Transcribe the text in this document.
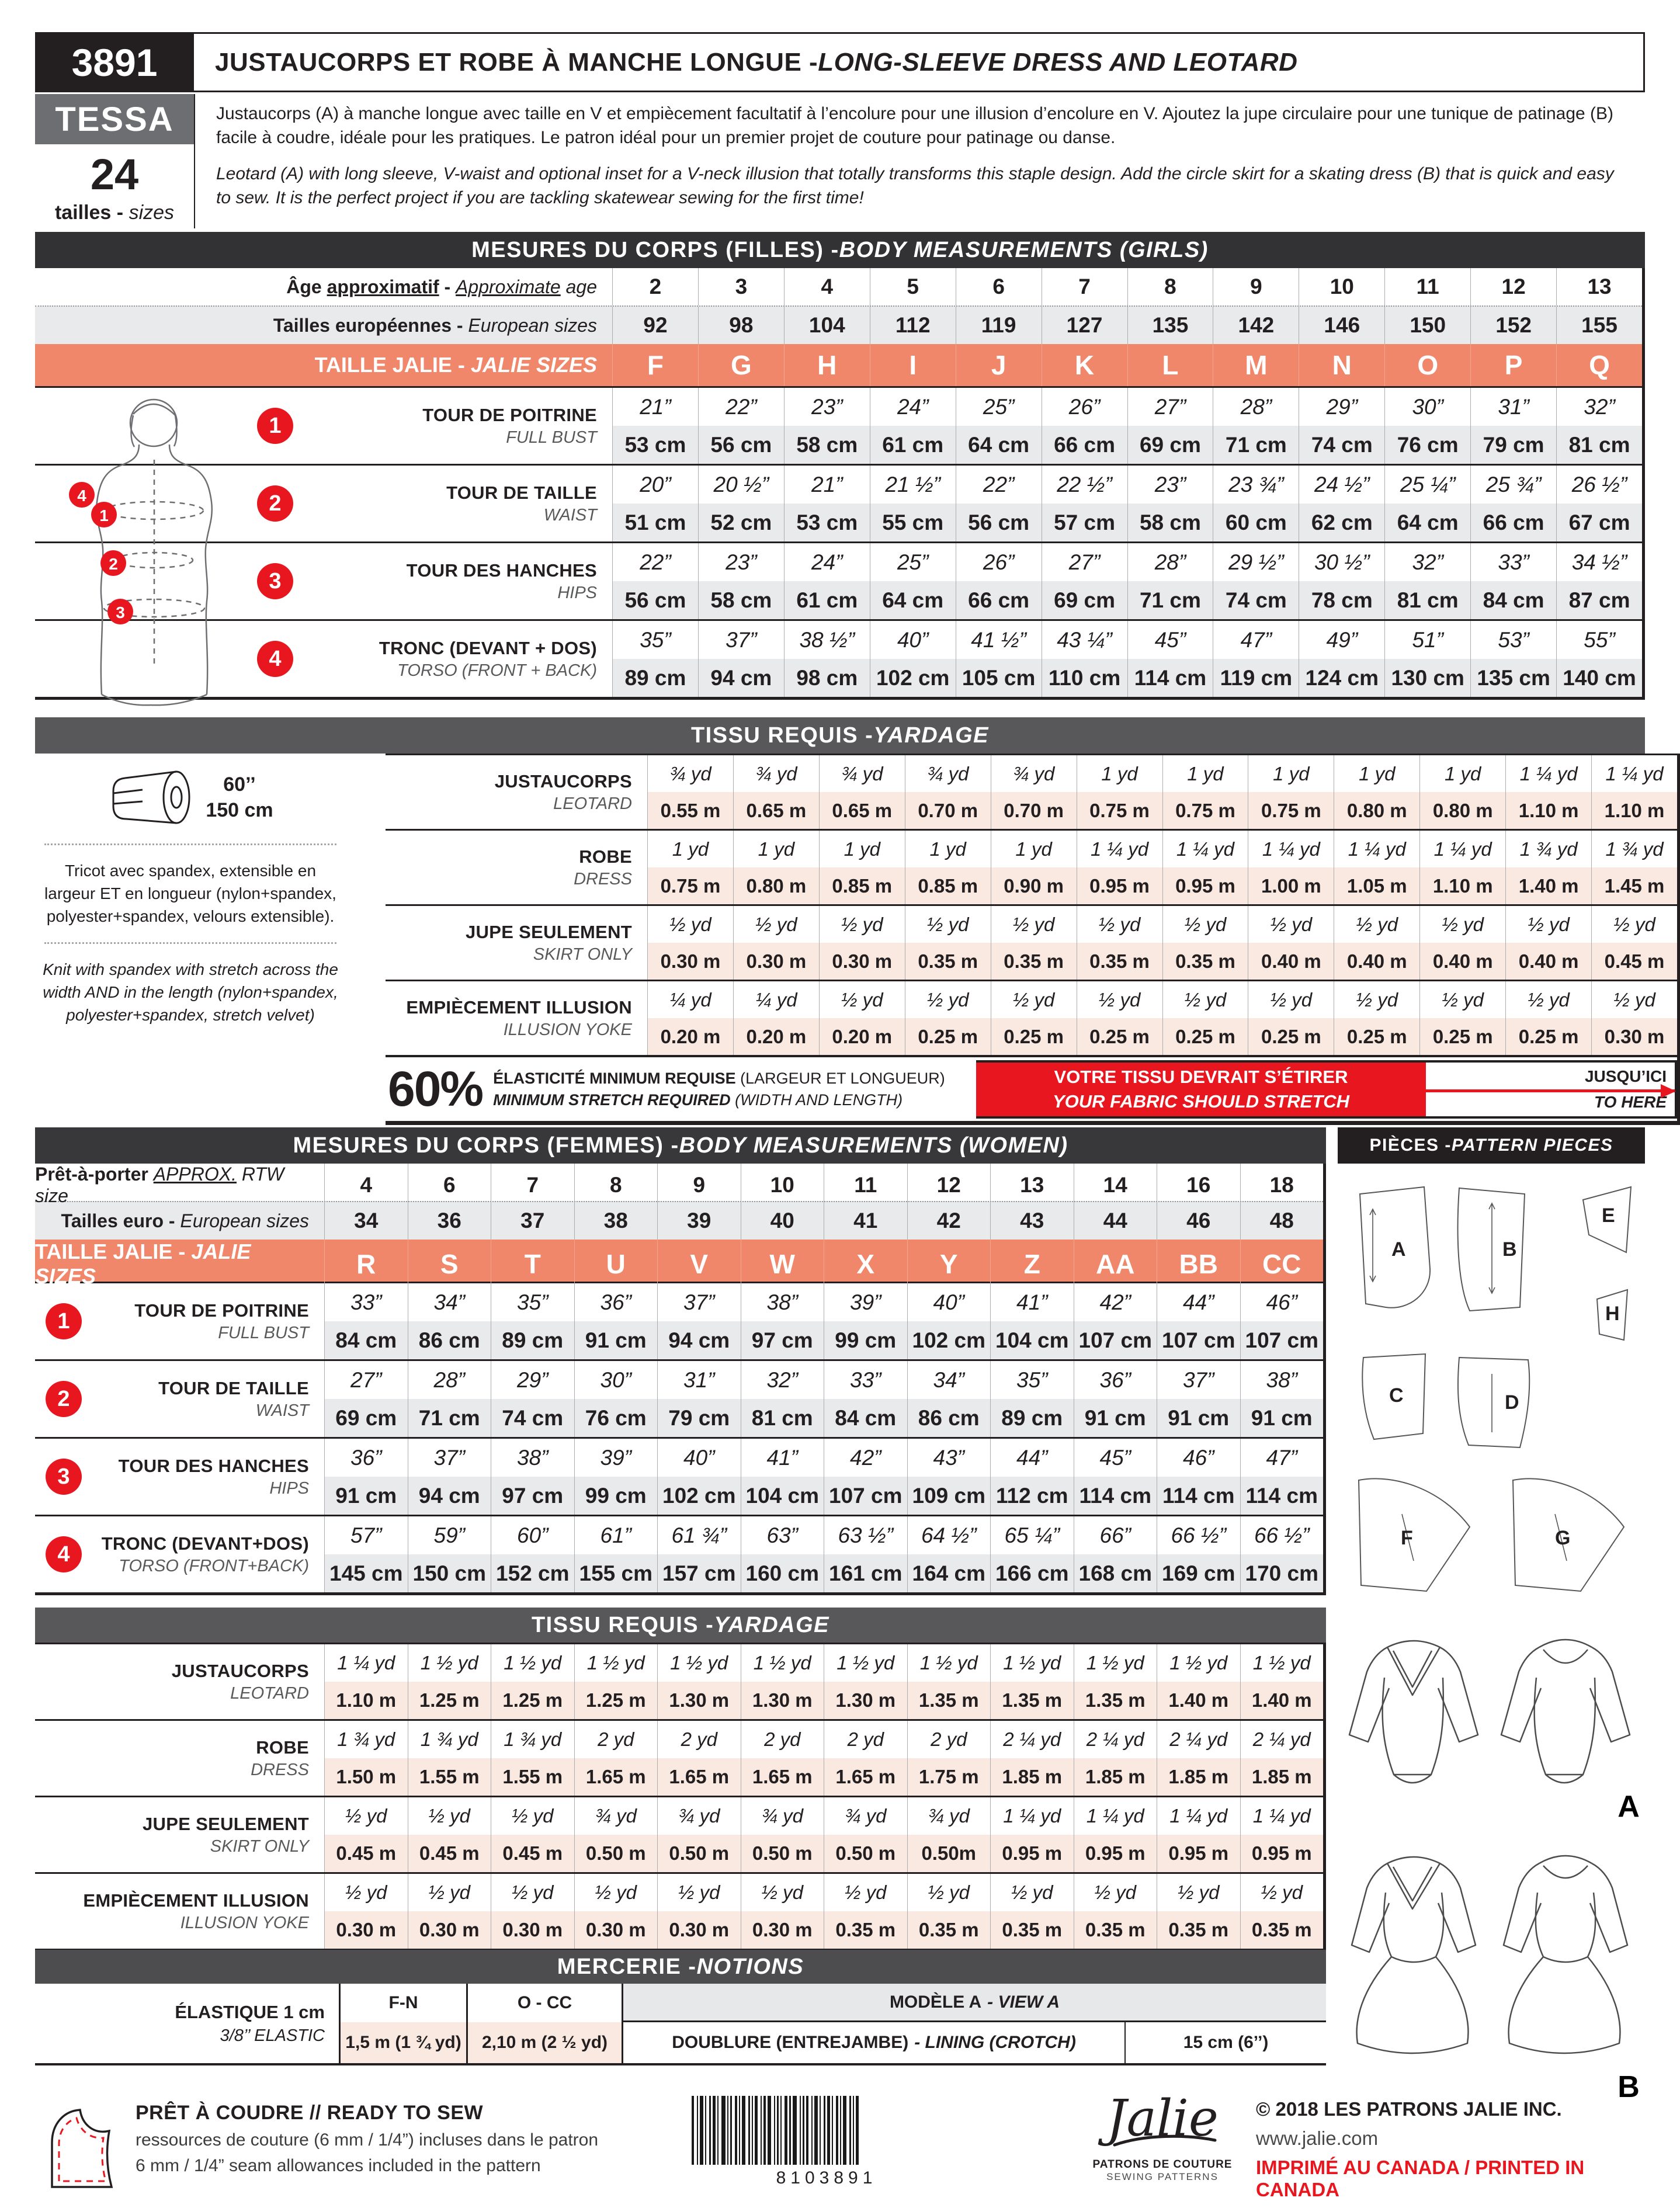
3891
TESSA
24
tailles - sizes
JUSTAUCORPS ET ROBE À MANCHE LONGUE - LONG-SLEEVE DRESS AND LEOTARD
Justaucorps (A) à manche longue avec taille en V et empiècement facultatif à l’encolure pour une illusion d’encolure en V. Ajoutez la jupe circulaire pour une tunique de patinage (B) facile à coudre, idéale pour les pratiques. Le patron idéal pour un premier projet de couture pour patinage ou danse.
Leotard (A) with long sleeve, V-waist and optional inset for a V-neck illusion that totally transforms this staple design. Add the circle skirt for a skating dress (B) that is quick and easy to sew. It is the perfect project if you are tackling skatewear sewing for the first time!
MESURES DU CORPS (FILLES) - BODY MEASUREMENTS (GIRLS)
Âge approximatif - Approximate age	2	3	4	5	6	7	8	9	10	11	12	13
Tailles européennes - European sizes	92	98	104	112	119	127	135	142	146	150	152	155
TAILLE JALIE - JALIE SIZES	F	G	H	I	J	K	L	M	N	O	P	Q
1	TOUR DE POITRINE
FULL BUST
21”	22”	23”	24”	25”	26”	27”	28”	29”	30”	31”	32”
53 cm	56 cm	58 cm	61 cm	64 cm	66 cm	69 cm	71 cm	74 cm	76 cm	79 cm	81 cm
2	TOUR DE TAILLE
WAIST
20”	20 ½”	21”	21 ½”	22”	22 ½”	23”	23 ¾”	24 ½”	25 ¼”	25 ¾”	26 ½”
51 cm	52 cm	53 cm	55 cm	56 cm	57 cm	58 cm	60 cm	62 cm	64 cm	66 cm	67 cm
3	TOUR DES HANCHES
HIPS
22”	23”	24”	25”	26”	27”	28”	29 ½”	30 ½”	32”	33”	34 ½”
56 cm	58 cm	61 cm	64 cm	66 cm	69 cm	71 cm	74 cm	78 cm	81 cm	84 cm	87 cm
4	TRONC (DEVANT + DOS)
TORSO (FRONT + BACK)
35”	37”	38 ½”	40”	41 ½”	43 ¼”	45”	47”	49”	51”	53”	55”
89 cm	94 cm	98 cm 102 cm 105 cm 110 cm 114 cm 119 cm 124 cm 130 cm 135 cm 140 cm
4
1
2
3
TISSU REQUIS - YARDAGE
60’’
150 cm
Tricot avec spandex, extensible en largeur ET en longueur (nylon+spandex, polyester+spandex, velours extensible).
Knit with spandex with stretch across the width AND in the length (nylon+spandex, polyester+spandex, stretch velvet)
JUSTAUCORPS
LEOTARD
¾ yd	¾ yd	¾ yd	¾ yd	¾ yd	1 yd	1 yd	1 yd	1 yd	1 yd	1 ¼ yd	1 ¼ yd
0.55 m	0.65 m	0.65 m	0.70 m	0.70 m	0.75 m	0.75 m	0.75 m	0.80 m	0.80 m	1.10 m	1.10 m
ROBE
DRESS
1 yd	1 yd	1 yd	1 yd	1 yd	1 ¼ yd	1 ¼ yd	1 ¼ yd	1 ¼ yd	1 ¼ yd	1 ¾ yd	1 ¾ yd
0.75 m	0.80 m	0.85 m	0.85 m	0.90 m	0.95 m	0.95 m	1.00 m	1.05 m	1.10 m	1.40 m	1.45 m
JUPE SEULEMENT
SKIRT ONLY
½ yd	½ yd	½ yd	½ yd	½ yd	½ yd	½ yd	½ yd	½ yd	½ yd	½ yd	½ yd
0.30 m	0.30 m	0.30 m	0.35 m	0.35 m	0.35 m	0.35 m	0.40 m	0.40 m	0.40 m	0.40 m	0.45 m
EMPIÈCEMENT ILLUSION
ILLUSION YOKE
¼ yd	¼ yd	½ yd	½ yd	½ yd	½ yd	½ yd	½ yd	½ yd	½ yd	½ yd	½ yd
0.20 m	0.20 m	0.20 m	0.25 m	0.25 m	0.25 m	0.25 m	0.25 m	0.25 m	0.25 m	0.25 m	0.30 m
60% ÉLASTICITÉ MINIMUM REQUISE (LARGEUR ET LONGUEUR)
MINIMUM STRETCH REQUIRED (WIDTH AND LENGTH)
VOTRE TISSU DEVRAIT S’ÉTIRER
YOUR FABRIC SHOULD STRETCH
JUSQU’ICI
TO HERE
MESURES DU CORPS (FEMMES) - BODY MEASUREMENTS (WOMEN)
Prêt-à-porter APPROX. RTW size	4	6	7	8	9	10	11	12	13	14	16	18
Tailles euro - European sizes	34	36	37	38	39	40	41	42	43	44	46	48
TAILLE JALIE - JALIE SIZES	R	S	T	U	V	W	X	Y	Z	AA	BB	CC
1	TOUR DE POITRINE
FULL BUST
33”	34”	35”	36”	37”	38”	39”	40”	41”	42”	44”	46”
84 cm	86 cm	89 cm	91 cm	94 cm	97 cm	99 cm 102 cm 104 cm 107 cm 107 cm 107 cm
2	TOUR DE TAILLE
WAIST
27”	28”	29”	30”	31”	32”	33”	34”	35”	36”	37”	38”
69 cm	71 cm	74 cm	76 cm	79 cm	81 cm	84 cm	86 cm	89 cm	91 cm	91 cm	91 cm
3	TOUR DES HANCHES
HIPS
36”	37”	38”	39”	40”	41”	42”	43”	44”	45”	46”	47”
91 cm	94 cm	97 cm	99 cm 102 cm 104 cm 107 cm 109 cm 112 cm 114 cm 114 cm 114 cm
4	TRONC (DEVANT+DOS)
TORSO (FRONT+BACK)
57”	59”	60”	61”	61 ¾”	63”	63 ½”	64 ½”	65 ¼”	66”	66 ½”	66 ½”
145 cm 150 cm 152 cm 155 cm 157 cm 160 cm 161 cm 164 cm 166 cm 168 cm 169 cm 170 cm
PIÈCES - PATTERN PIECES
A	B
C	D
E
F	G
H
TISSU REQUIS - YARDAGE
JUSTAUCORPS
LEOTARD
1 ¼ yd	1 ½ yd	1 ½ yd	1 ½ yd	1 ½ yd	1 ½ yd	1 ½ yd	1 ½ yd	1 ½ yd	1 ½ yd	1 ½ yd	1 ½ yd
1.10 m	1.25 m	1.25 m	1.25 m	1.30 m	1.30 m	1.30 m	1.35 m	1.35 m	1.35 m	1.40 m	1.40 m
ROBE
DRESS
1 ¾ yd	1 ¾ yd	1 ¾ yd	2 yd	2 yd	2 yd	2 yd	2 yd	2 ¼ yd	2 ¼ yd	2 ¼ yd	2 ¼ yd
1.50 m	1.55 m	1.55 m	1.65 m	1.65 m	1.65 m	1.65 m	1.75 m	1.85 m	1.85 m	1.85 m	1.85 m
JUPE SEULEMENT
SKIRT ONLY
½ yd	½ yd	½ yd	¾ yd	¾ yd	¾ yd	¾ yd	¾ yd	1 ¼ yd	1 ¼ yd	1 ¼ yd	1 ¼ yd
0.45 m	0.45 m	0.45 m	0.50 m	0.50 m	0.50 m	0.50 m	0.50m	0.95 m	0.95 m	0.95 m	0.95 m
EMPIÈCEMENT ILLUSION
ILLUSION YOKE
½ yd	½ yd	½ yd	½ yd	½ yd	½ yd	½ yd	½ yd	½ yd	½ yd	½ yd	½ yd
0.30 m	0.30 m	0.30 m	0.30 m	0.30 m	0.30 m	0.35 m	0.35 m	0.35 m	0.35 m	0.35 m	0.35 m
A
B
MERCERIE - NOTIONS
ÉLASTIQUE 1 cm
3/8’’ ELASTIC
F-N	O - CC	MODÈLE A - VIEW A
1,5 m (1 ¾ yd)	2,10 m (2 ½ yd)	DOUBLURE (ENTREJAMBE) - LINING (CROTCH)	15 cm (6’’)
PRÊT À COUDRE // READY TO SEW
ressources de couture (6 mm / 1/4”) incluses dans le patron
6 mm / 1/4” seam allowances included in the pattern
8103891
Jalie
PATRONS DE COUTURE
SEWING PATTERNS
© 2018 LES PATRONS JALIE INC.
www.jalie.com
IMPRIMÉ AU CANADA / PRINTED IN CANADA
